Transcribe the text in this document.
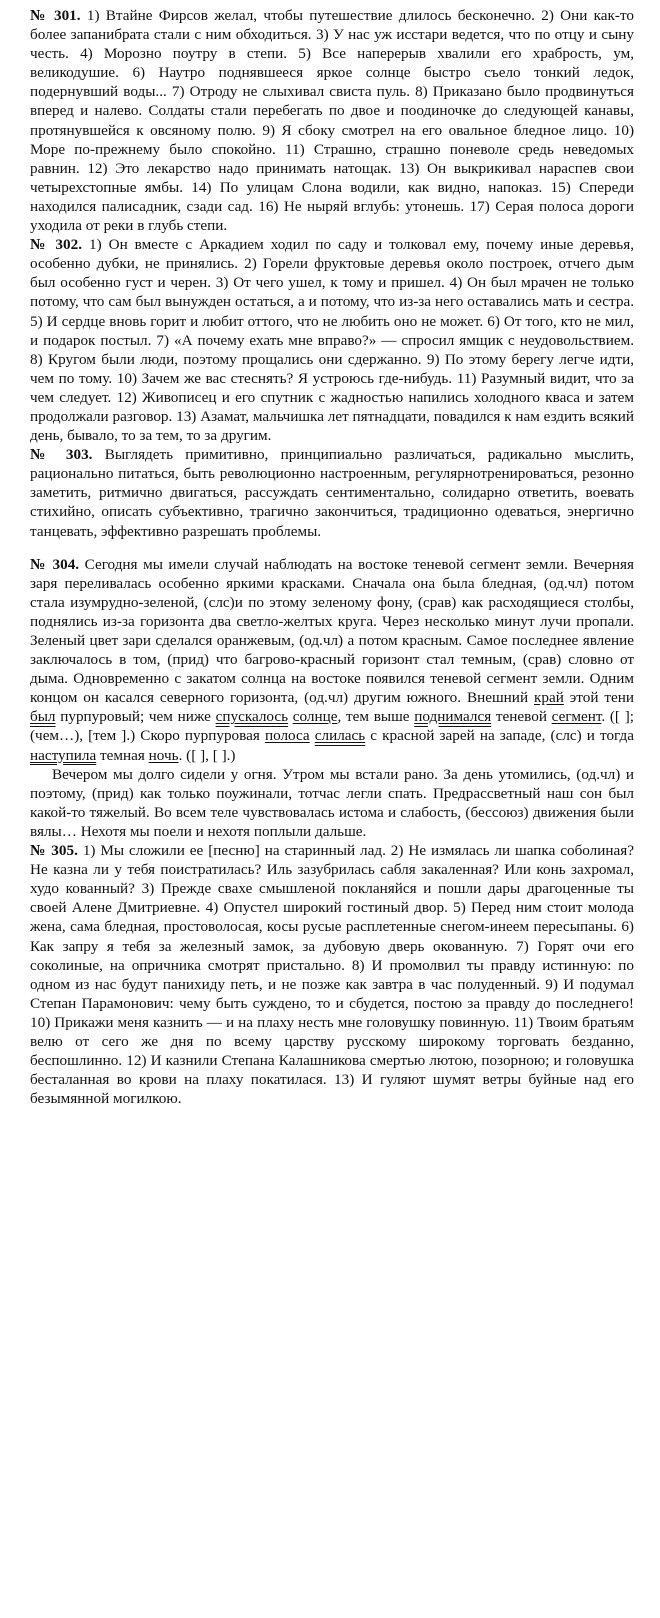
№ 301. 1) Втайне Фирсов желал, чтобы путешествие длилось бесконечно. 2) Они как-то более запанибрата стали с ним обходиться. 3) У нас уж исстари ведется, что по отцу и сыну честь. 4) Морозно поутру в степи. 5) Все наперерыв хвалили его храбрость, ум, великодушие. 6) Наутро поднявшееся яркое солнце быстро съело тонкий ледок, подернувший воды... 7) Отроду не слыхивал свиста пуль. 8) Приказано было продвинуться вперед и налево. Солдаты стали перебегать по двое и поодиночке до следующей канавы, протянувшейся к овсяному полю. 9) Я сбоку смотрел на его овальное бледное лицо. 10) Море по-прежнему было спокойно. 11) Страшно, страшно поневоле средь неведомых равнин. 12) Это лекарство надо принимать натощак. 13) Он выкрикивал нараспев свои четырехстопные ямбы. 14) По улицам Слона водили, как видно, напоказ. 15) Спереди находился палисадник, сзади сад. 16) Не ныряй вглубь: утонешь. 17) Серая полоса дороги уходила от реки в глубь степи.

№ 302. 1) Он вместе с Аркадием ходил по саду и толковал ему, почему иные деревья, особенно дубки, не принялись. 2) Горели фруктовые деревья около построек, отчего дым был особенно густ и черен. 3) От чего ушел, к тому и пришел. 4) Он был мрачен не только потому, что сам был вынужден остаться, а и потому, что из-за него оставались мать и сестра. 5) И сердце вновь горит и любит оттого, что не любить оно не может. 6) От того, кто не мил, и подарок постыл. 7) «А почему ехать мне вправо?» — спросил ямщик с неудовольствием. 8) Кругом были люди, поэтому прощались они сдержанно. 9) По этому берегу легче идти, чем по тому. 10) Зачем же вас стеснять? Я устроюсь где-нибудь. 11) Разумный видит, что за чем следует. 12) Живописец и его спутник с жадностью напились холодного кваса и затем продолжали разговор. 13) Азамат, мальчишка лет пятнадцати, повадился к нам ездить всякий день, бывало, то за тем, то за другим.

№ 303. Выглядеть примитивно, принципиально различаться, радикально мыслить, рационально питаться, быть революционно настроенным, регулярнотренироваться, резонно заметить, ритмично двигаться, рассуждать сентиментально, солидарно ответить, воевать стихийно, описать субъективно, трагично закончиться, традиционно одеваться, энергично танцевать, эффективно разрешать проблемы.

№ 304. Сегодня мы имели случай наблюдать на востоке теневой сегмент земли. Вечерняя заря переливалась особенно яркими красками. Сначала она была бледная, (од.чл) потом стала изумрудно-зеленой, (слс)и по этому зеленому фону, (срав) как расходящиеся столбы, поднялись из-за горизонта два светло-желтых круга. Через несколько минут лучи пропали. Зеленый цвет зари сделался оранжевым, (од.чл) а потом красным. Самое последнее явление заключалось в том, (прид) что багрово-красный горизонт стал темным, (срав) словно от дыма. Одновременно с закатом солнца на востоке появился теневой сегмент земли. Одним концом он касался северного горизонта, (од.чл) другим южного. Внешний край этой тени был пурпуровый; чем ниже спускалось солнце, тем выше поднимался теневой сегмент. ([ ]; (чем…), [тем ].) Скоро пурпуровая полоса слилась с красной зарей на западе, (слс) и тогда наступила темная ночь. ([ ], [ ].)

Вечером мы долго сидели у огня. Утром мы встали рано. За день утомились, (од.чл) и поэтому, (прид) как только поужинали, тотчас легли спать. Предрассветный наш сон был какой-то тяжелый. Во всем теле чувствовалась истома и слабость, (бессоюз) движения были вялы… Нехотя мы поели и нехотя поплыли дальше.

№ 305. 1) Мы сложили ее [песню] на старинный лад. 2) Не измялась ли шапка соболиная? Не казна ли у тебя поистратилась? Иль зазубрилась сабля закаленная? Или конь захромал, худо кованный? 3) Прежде свахе смышленой покланяйся и пошли дары драгоценные ты своей Алене Дмитриевне. 4) Опустел широкий гостиный двор. 5) Перед ним стоит молода жена, сама бледная, простоволосая, косы русые расплетенные снегом-инеем пересыпаны. 6) Как запру я тебя за железный замок, за дубовую дверь окованную. 7) Горят очи его соколиные, на опричника смотрят пристально. 8) И промолвил ты правду истинную: по одном из нас будут панихиду петь, и не позже как завтра в час полуденный. 9) И подумал Степан Парамонович: чему быть суждено, то и сбудется, постою за правду до последнего! 10) Прикажи меня казнить — и на плаху несть мне головушку повинную. 11) Твоим братьям велю от сего же дня по всему царству русскому широкому торговать безданно, беспошлинно. 12) И казнили Степана Калашникова смертью лютою, позорною; и головушка бесталанная во крови на плаху покатилася. 13) И гуляют шумят ветры буйные над его безымянной могилкою.
